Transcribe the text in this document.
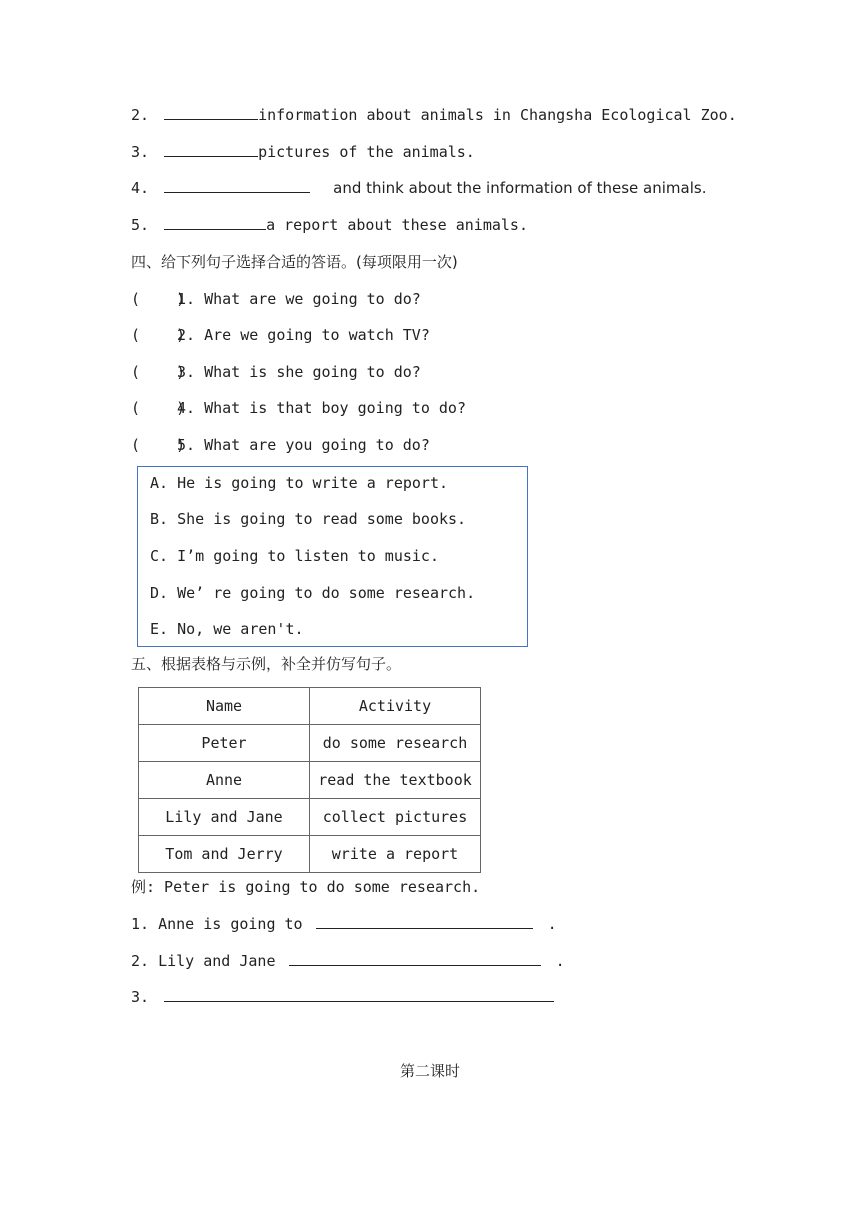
2.	information about animals in Changsha Ecological Zoo.
3.	pictures of the animals.
4.	and think about the information of these animals.
5.	a report about these animals.
四、给下列句子选择合适的答语。(每项限用一次)
(    )1. What are we going to do?
(    )2. Are we going to watch TV?
(    )3. What is she going to do?
(    )4. What is that boy going to do?
(    )5. What are you going to do?
A. He is going to write a report.
B. She is going to read some books.
C. I’m going to listen to music.
D. We’ re going to do some research.
E. No, we aren't.
五、根据表格与示例，补全并仿写句子。
Name	Activity
Peter	do some research
Anne	read the textbook
Lily and Jane	collect pictures
Tom and Jerry	write a report
例: Peter is going to do some research.
1. Anne is going to	.
2. Lily and Jane	.
3.
第二课时
